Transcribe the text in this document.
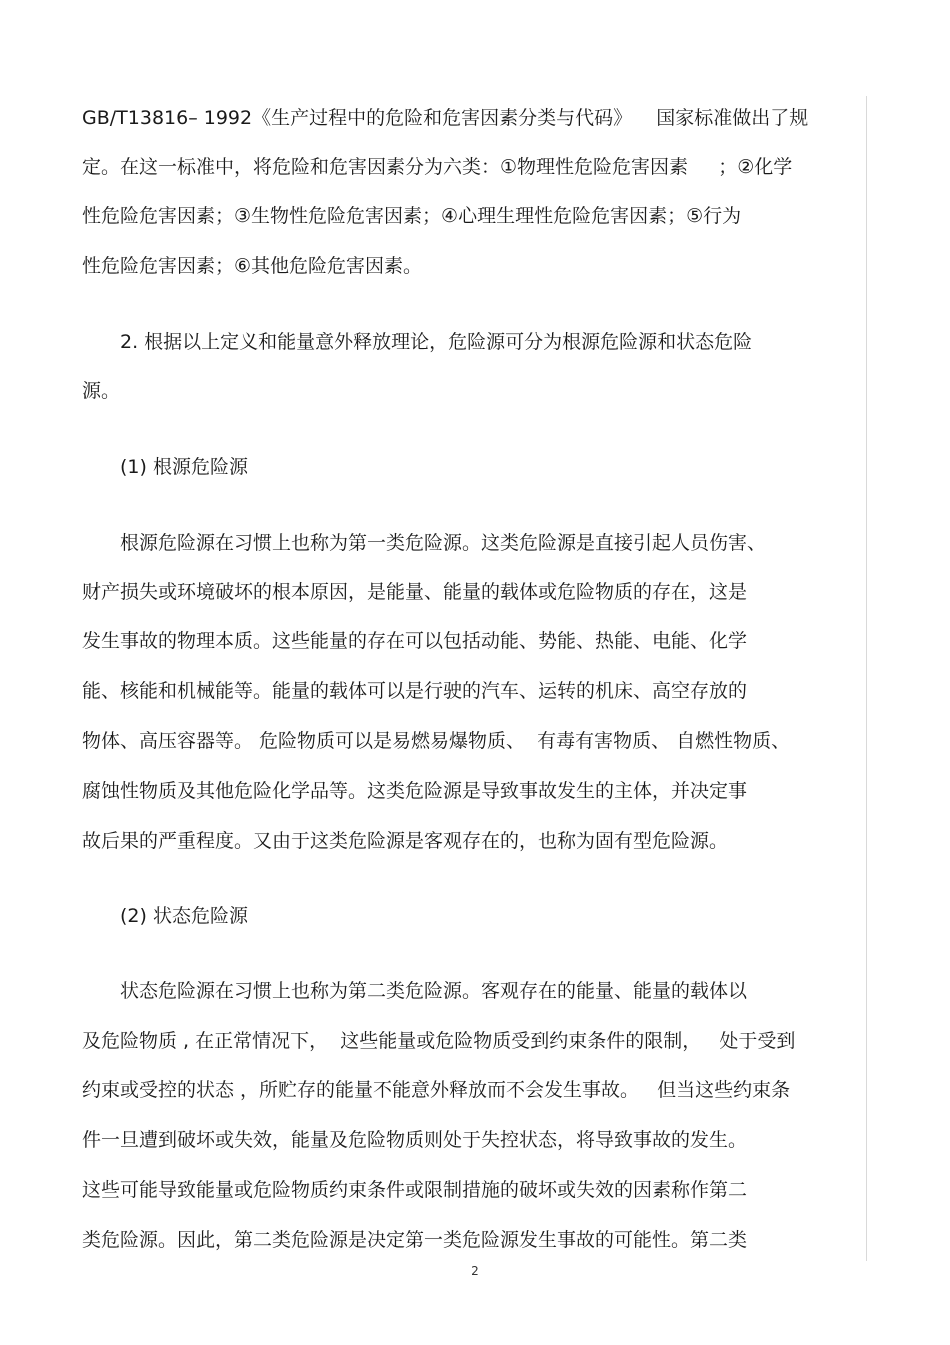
GB/T13816– 1992《生产过程中的危险和危害因素分类与代码》    国家标准做出了规
定。在这一标准中，将危险和危害因素分为六类：①物理性危险危害因素     ；②化学
性危险危害因素；③生物性危险危害因素；④心理生理性危险危害因素；⑤行为
性危险危害因素；⑥其他危险危害因素。
2. 根据以上定义和能量意外释放理论，危险源可分为根源危险源和状态危险
源。
(1) 根源危险源
根源危险源在习惯上也称为第一类危险源。这类危险源是直接引起人员伤害、
财产损失或环境破坏的根本原因，是能量、能量的载体或危险物质的存在，这是
发生事故的物理本质。这些能量的存在可以包括动能、势能、热能、电能、化学
能、核能和机械能等。能量的载体可以是行驶的汽车、运转的机床、高空存放的
物体、高压容器等。 危险物质可以是易燃易爆物质、  有毒有害物质、 自燃性物质、
腐蚀性物质及其他危险化学品等。这类危险源是导致事故发生的主体，并决定事
故后果的严重程度。又由于这类危险源是客观存在的，也称为固有型危险源。
(2) 状态危险源
状态危险源在习惯上也称为第二类危险源。客观存在的能量、能量的载体以
及危险物质 , 在正常情况下，  这些能量或危险物质受到约束条件的限制，   处于受到
约束或受控的状态 ，所贮存的能量不能意外释放而不会发生事故。   但当这些约束条
件一旦遭到破坏或失效，能量及危险物质则处于失控状态，将导致事故的发生。
这些可能导致能量或危险物质约束条件或限制措施的破坏或失效的因素称作第二
类危险源。因此，第二类危险源是决定第一类危险源发生事故的可能性。第二类
2
